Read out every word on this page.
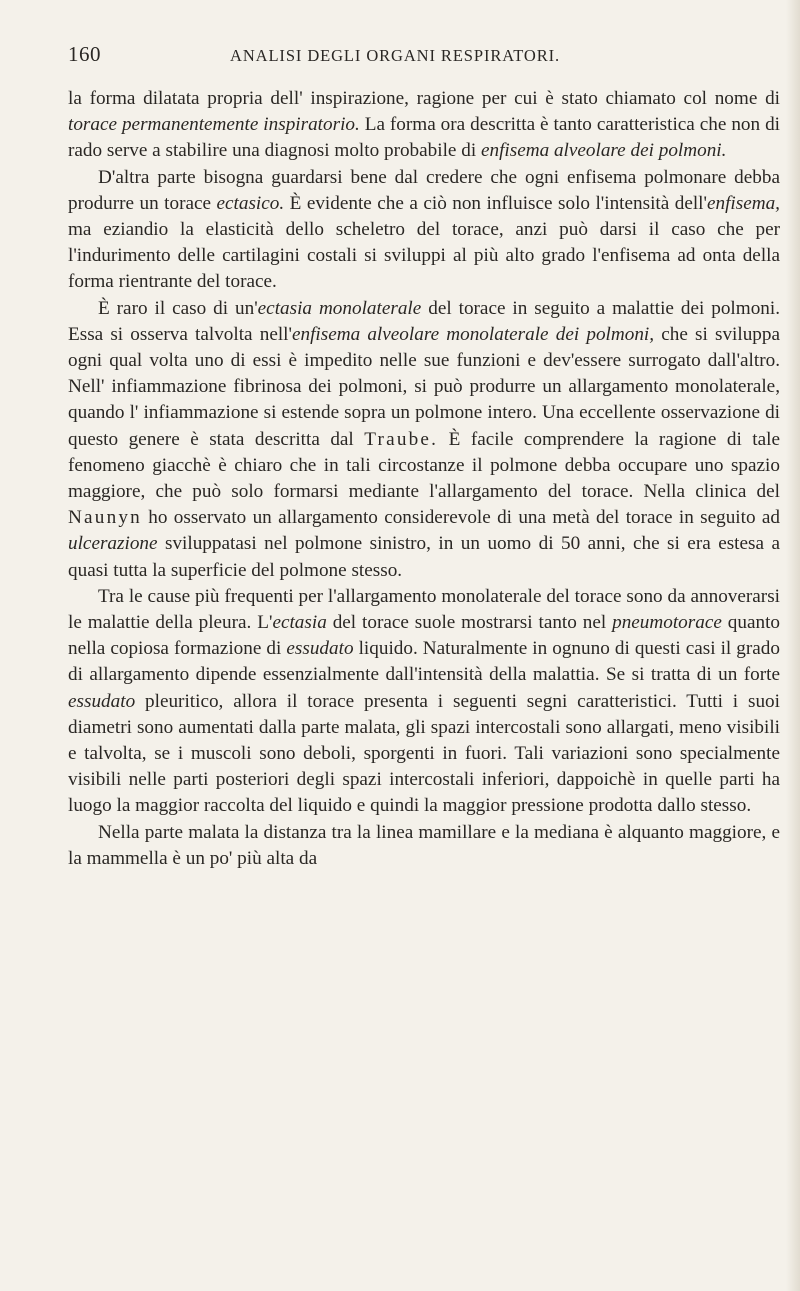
160	ANALISI DEGLI ORGANI RESPIRATORI.

la forma dilatata propria dell' inspirazione, ragione per cui è stato chiamato col nome di torace permanentemente inspiratorio. La forma ora descritta è tanto caratteristica che non di rado serve a stabilire una diagnosi molto probabile di enfisema alveolare dei polmoni.

D'altra parte bisogna guardarsi bene dal credere che ogni enfisema polmonare debba produrre un torace ectasico. È evidente che a ciò non influisce solo l'intensità dell'enfisema, ma eziandio la elasticità dello scheletro del torace, anzi può darsi il caso che per l'indurimento delle cartilagini costali si sviluppi al più alto grado l'enfisema ad onta della forma rientrante del torace.

È raro il caso di un'ectasia monolaterale del torace in seguito a malattie dei polmoni. Essa si osserva talvolta nell'enfisema alveolare monolaterale dei polmoni, che si sviluppa ogni qual volta uno di essi è impedito nelle sue funzioni e dev'essere surrogato dall'altro. Nell' infiammazione fibrinosa dei polmoni, si può produrre un allargamento monolaterale, quando l' infiammazione si estende sopra un polmone intero. Una eccellente osservazione di questo genere è stata descritta dal Traube. È facile comprendere la ragione di tale fenomeno giacchè è chiaro che in tali circostanze il polmone debba occupare uno spazio maggiore, che può solo formarsi mediante l'allargamento del torace. Nella clinica del Naunyn ho osservato un allargamento considerevole di una metà del torace in seguito ad ulcerazione sviluppatasi nel polmone sinistro, in un uomo di 50 anni, che si era estesa a quasi tutta la superficie del polmone stesso.

Tra le cause più frequenti per l'allargamento monolaterale del torace sono da annoverarsi le malattie della pleura. L'ectasia del torace suole mostrarsi tanto nel pneumotorace quanto nella copiosa formazione di essudato liquido. Naturalmente in ognuno di questi casi il grado di allargamento dipende essenzialmente dall'intensità della malattia. Se si tratta di un forte essudato pleuritico, allora il torace presenta i seguenti segni caratteristici. Tutti i suoi diametri sono aumentati dalla parte malata, gli spazi intercostali sono allargati, meno visibili e talvolta, se i muscoli sono deboli, sporgenti in fuori. Tali variazioni sono specialmente visibili nelle parti posteriori degli spazi intercostali inferiori, dappoichè in quelle parti ha luogo la maggior raccolta del liquido e quindi la maggior pressione prodotta dallo stesso.

Nella parte malata la distanza tra la linea mamillare e la mediana è alquanto maggiore, e la mammella è un po' più alta da
